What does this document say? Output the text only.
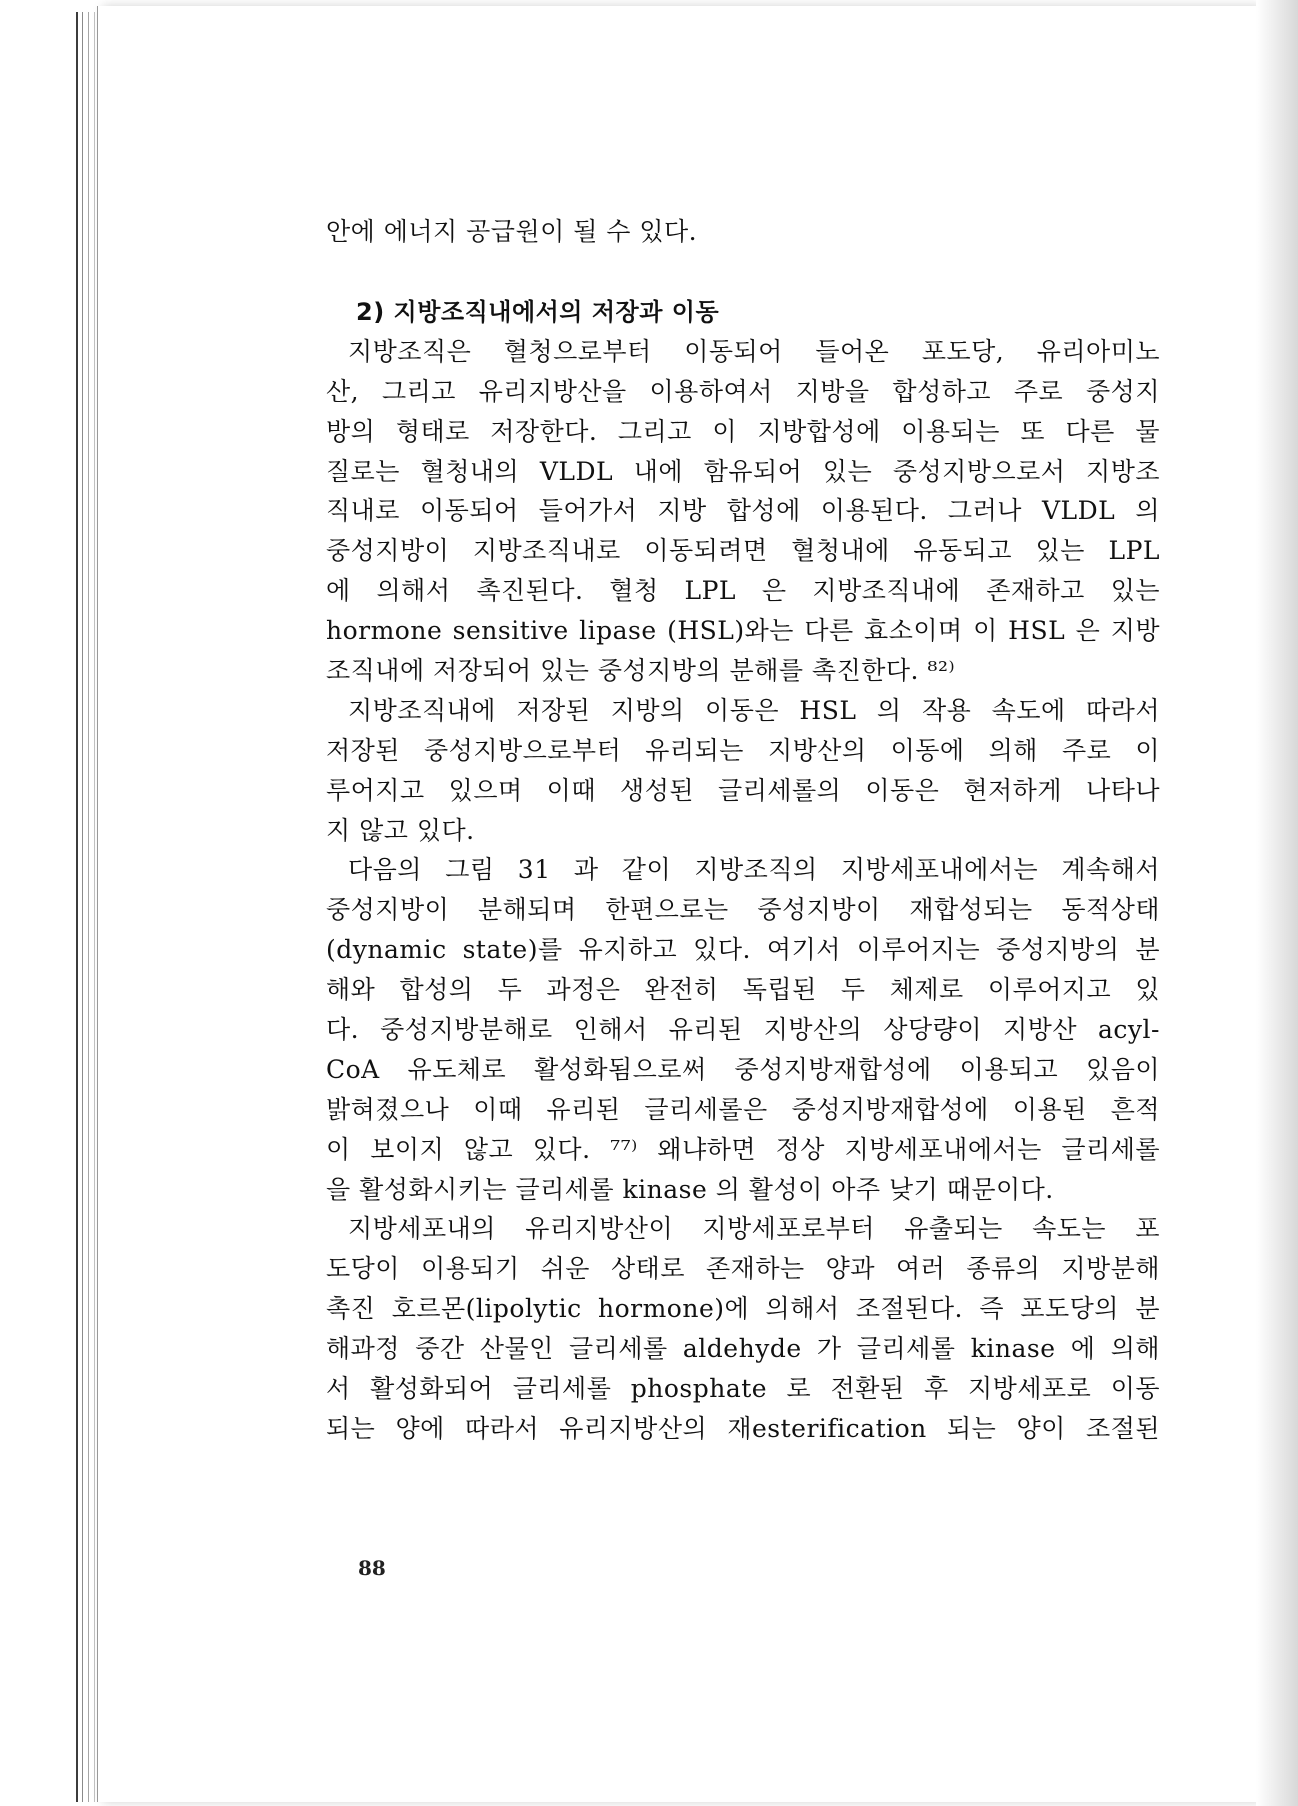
안에 에너지 공급원이 될 수 있다.
2) 지방조직내에서의 저장과 이동
지방조직은 혈청으로부터 이동되어 들어온 포도당, 유리아미노
산, 그리고 유리지방산을 이용하여서 지방을 합성하고 주로 중성지
방의 형태로 저장한다. 그리고 이 지방합성에 이용되는 또 다른 물
질로는 혈청내의 VLDL 내에 함유되어 있는 중성지방으로서 지방조
직내로 이동되어 들어가서 지방 합성에 이용된다. 그러나 VLDL 의
중성지방이 지방조직내로 이동되려면 혈청내에 유동되고 있는 LPL
에 의해서 촉진된다. 혈청 LPL 은 지방조직내에 존재하고 있는
hormone sensitive lipase (HSL)와는 다른 효소이며 이 HSL 은 지방
조직내에 저장되어 있는 중성지방의 분해를 촉진한다. ⁸²⁾
지방조직내에 저장된 지방의 이동은 HSL 의 작용 속도에 따라서
저장된 중성지방으로부터 유리되는 지방산의 이동에 의해 주로 이
루어지고 있으며 이때 생성된 글리세롤의 이동은 현저하게 나타나
지 않고 있다.
다음의 그림 31 과 같이 지방조직의 지방세포내에서는 계속해서
중성지방이 분해되며 한편으로는 중성지방이 재합성되는 동적상태
(dynamic state)를 유지하고 있다. 여기서 이루어지는 중성지방의 분
해와 합성의 두 과정은 완전히 독립된 두 체제로 이루어지고 있
다. 중성지방분해로 인해서 유리된 지방산의 상당량이 지방산 acyl-
CoA 유도체로 활성화됨으로써 중성지방재합성에 이용되고 있음이
밝혀졌으나 이때 유리된 글리세롤은 중성지방재합성에 이용된 흔적
이 보이지 않고 있다. ⁷⁷⁾ 왜냐하면 정상 지방세포내에서는 글리세롤
을 활성화시키는 글리세롤 kinase 의 활성이 아주 낮기 때문이다.
지방세포내의 유리지방산이 지방세포로부터 유출되는 속도는 포
도당이 이용되기 쉬운 상태로 존재하는 양과 여러 종류의 지방분해
촉진 호르몬(lipolytic hormone)에 의해서 조절된다. 즉 포도당의 분
해과정 중간 산물인 글리세롤 aldehyde 가 글리세롤 kinase 에 의해
서 활성화되어 글리세롤 phosphate 로 전환된 후 지방세포로 이동
되는 양에 따라서 유리지방산의 재esterification 되는 양이 조절된
88
